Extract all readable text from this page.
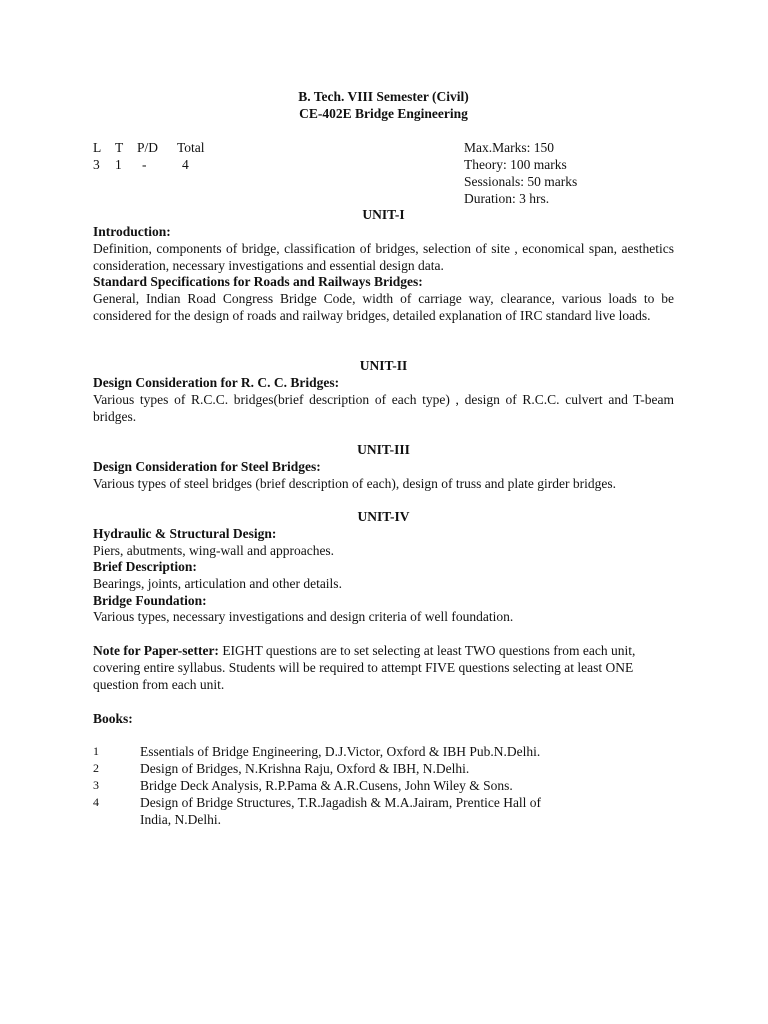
B. Tech. VIII Semester (Civil)
CE-402E Bridge Engineering
L T P/D Total
3 1 -	4
Max.Marks: 150
Theory: 100 marks
Sessionals: 50 marks
Duration: 3 hrs.
UNIT-I
Introduction:
Definition, components of bridge, classification of bridges, selection of site , economical span, aesthetics consideration, necessary investigations and essential design data.
Standard Specifications for Roads and Railways Bridges:
General, Indian Road Congress Bridge Code, width of carriage way, clearance, various loads to be considered for the design of roads and railway bridges, detailed explanation of IRC standard live loads.
UNIT-II
Design Consideration for R. C. C. Bridges:
Various types of R.C.C. bridges(brief description of each type) , design of R.C.C. culvert and T-beam bridges.
UNIT-III
Design Consideration for Steel Bridges:
Various types of steel bridges (brief description of each), design of truss and plate girder bridges.
UNIT-IV
Hydraulic & Structural Design:
Piers, abutments, wing-wall and approaches.
Brief Description:
Bearings, joints, articulation and other details.
Bridge Foundation:
Various types, necessary investigations and design criteria of well foundation.
Note for Paper-setter: EIGHT questions are to set selecting at least TWO questions from each unit, covering entire syllabus. Students will be required to attempt FIVE questions selecting at least ONE question from each unit.
Books:
1	Essentials of Bridge Engineering, D.J.Victor, Oxford & IBH Pub.N.Delhi.
2	Design of Bridges, N.Krishna Raju, Oxford & IBH, N.Delhi.
3	Bridge Deck Analysis, R.P.Pama & A.R.Cusens, John Wiley & Sons.
4	Design of Bridge Structures, T.R.Jagadish & M.A.Jairam, Prentice Hall of
India, N.Delhi.
